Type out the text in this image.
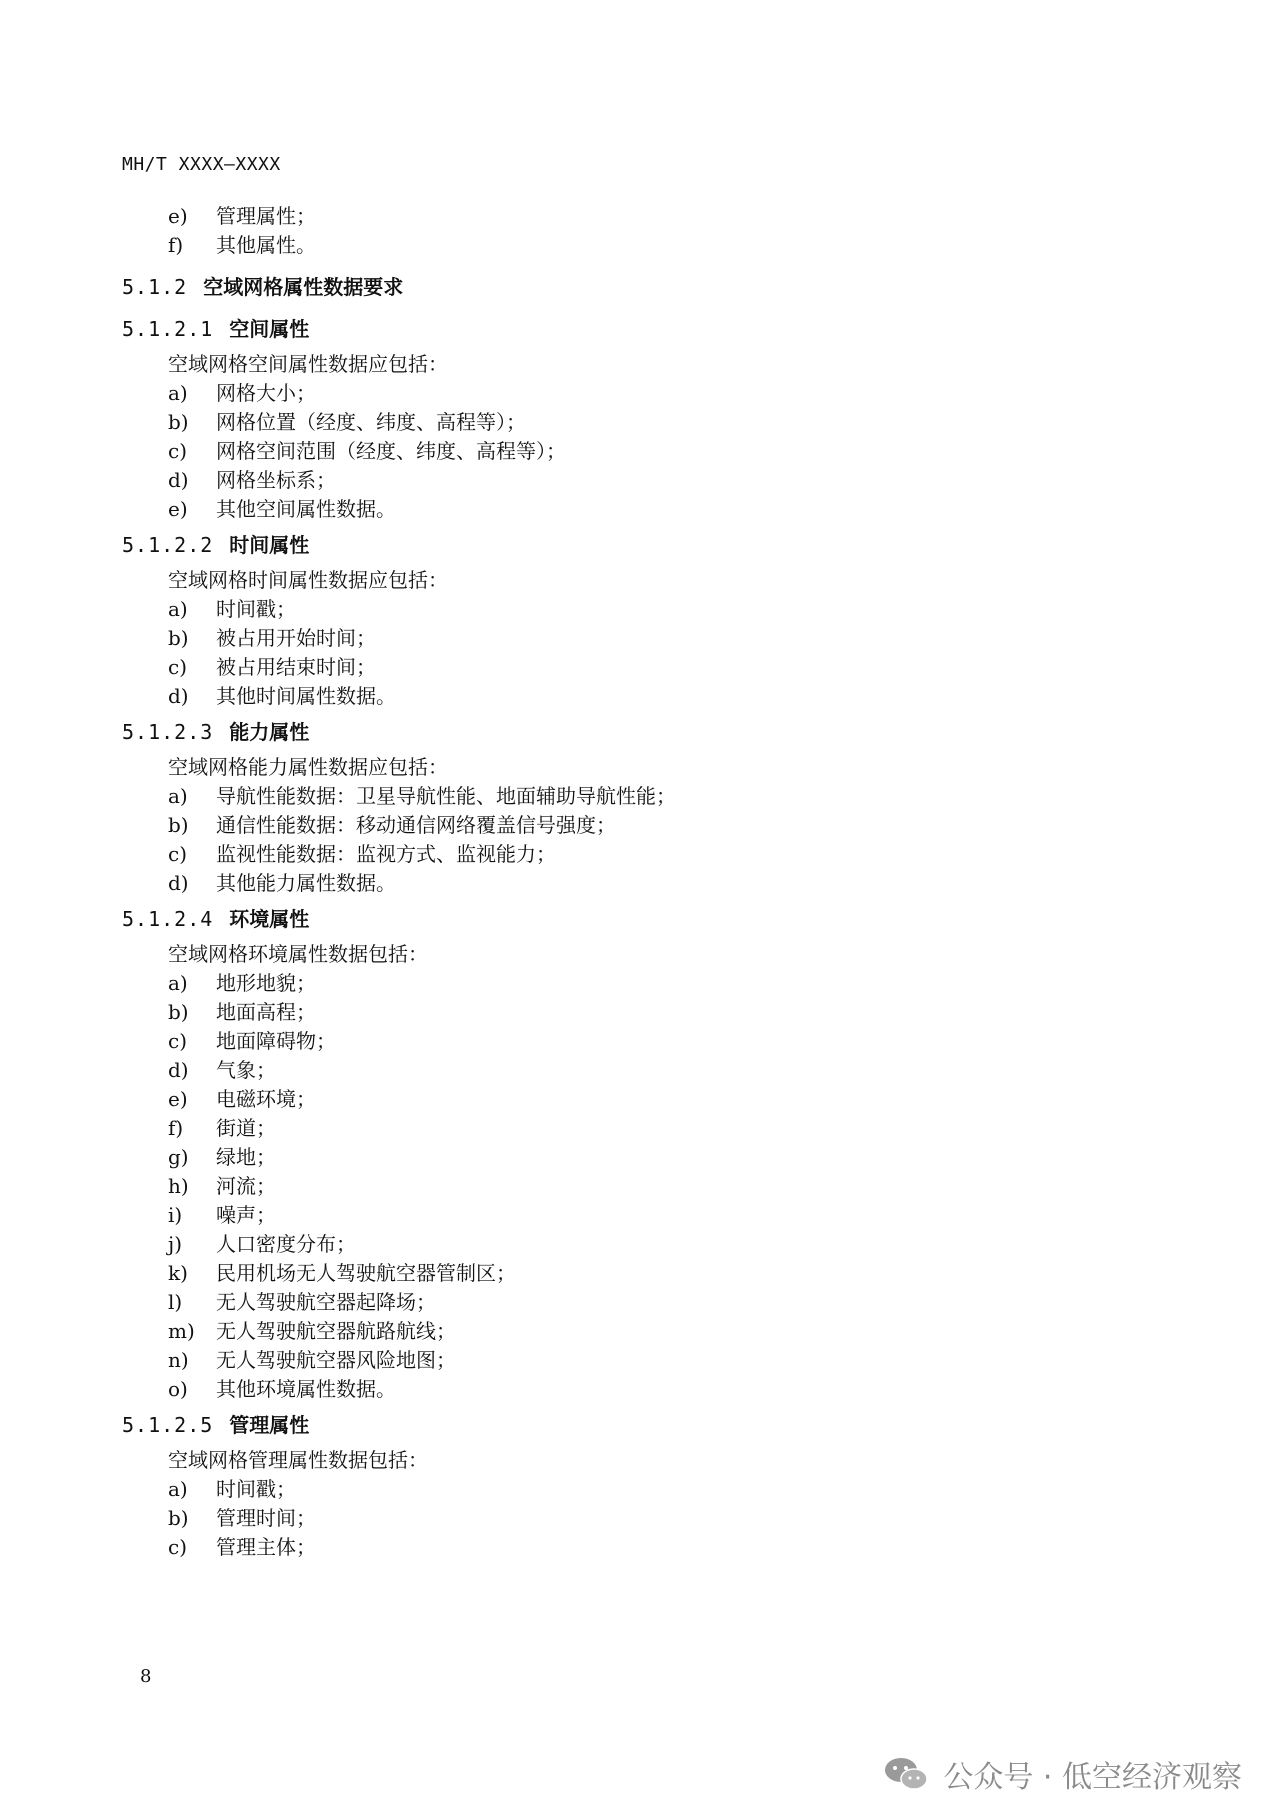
MH/T XXXX—XXXX
e) 管理属性；
f) 其他属性。
5.1.2 空域网格属性数据要求
5.1.2.1 空间属性
空域网格空间属性数据应包括：
a) 网格大小；
b) 网格位置（经度、纬度、高程等）；
c) 网格空间范围（经度、纬度、高程等）；
d) 网格坐标系；
e) 其他空间属性数据。
5.1.2.2 时间属性
空域网格时间属性数据应包括：
a) 时间戳；
b) 被占用开始时间；
c) 被占用结束时间；
d) 其他时间属性数据。
5.1.2.3 能力属性
空域网格能力属性数据应包括：
a) 导航性能数据：卫星导航性能、地面辅助导航性能；
b) 通信性能数据：移动通信网络覆盖信号强度；
c) 监视性能数据：监视方式、监视能力；
d) 其他能力属性数据。
5.1.2.4 环境属性
空域网格环境属性数据包括：
a) 地形地貌；
b) 地面高程；
c) 地面障碍物；
d) 气象；
e) 电磁环境；
f) 街道；
g) 绿地；
h) 河流；
i) 噪声；
j) 人口密度分布；
k) 民用机场无人驾驶航空器管制区；
l) 无人驾驶航空器起降场；
m) 无人驾驶航空器航路航线；
n) 无人驾驶航空器风险地图；
o) 其他环境属性数据。
5.1.2.5 管理属性
空域网格管理属性数据包括：
a) 时间戳；
b) 管理时间；
c) 管理主体；
8
公众号 · 低空经济观察
